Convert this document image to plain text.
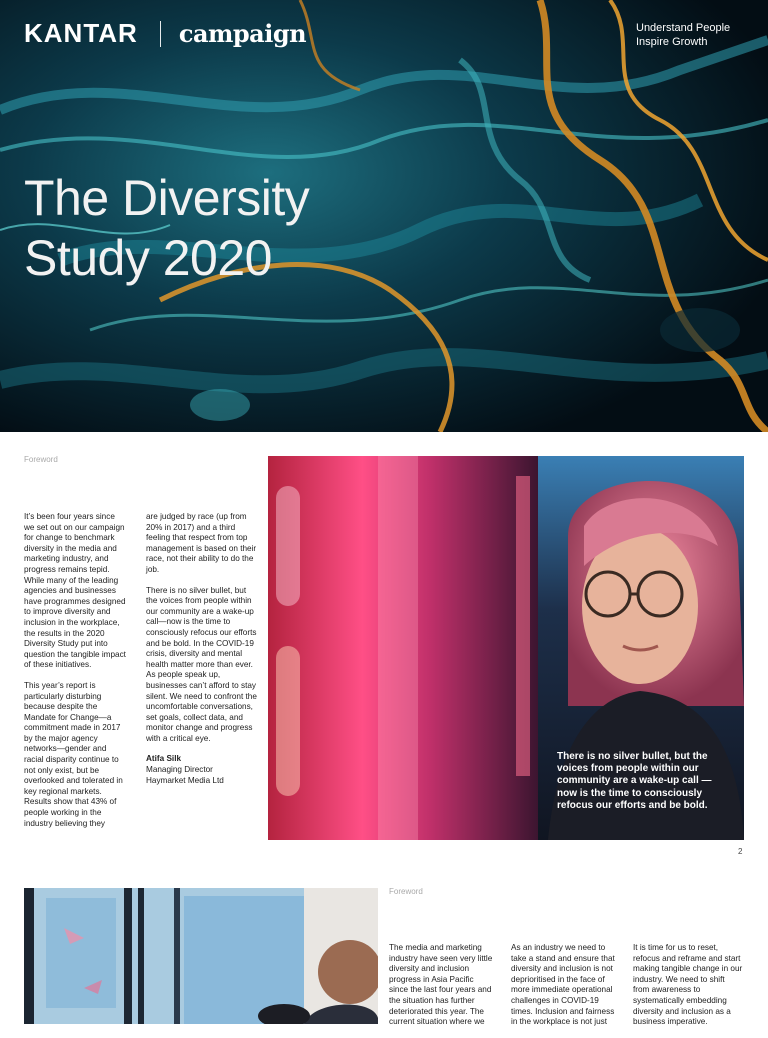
KANTAR campaign	Understand People
Inspire Growth
The Diversity
Study 2020
Foreword

It’s been four years since we set out on our campaign for change to benchmark diversity in the media and marketing industry, and progress remains tepid. While many of the leading agencies and businesses have programmes designed to improve diversity and inclusion in the workplace, the results in the 2020 Diversity Study put into question the tangible impact of these initiatives.

This year’s report is particularly disturbing because despite the Mandate for Change—a commitment made in 2017 by the major agency networks—gender and racial disparity continue to not only exist, but be overlooked and tolerated in key regional markets. Results show that 43% of people working in the industry believing they

are judged by race (up from 20% in 2017) and a third feeling that respect from top management is based on their race, not their ability to do the job.

There is no silver bullet, but the voices from people within our community are a wake-up call—now is the time to consciously refocus our efforts and be bold. In the COVID-19 crisis, diversity and mental health matter more than ever. As people speak up, businesses can’t afford to stay silent. We need to confront the uncomfortable conversations, set goals, collect data, and monitor change and progress with a critical eye.

Atifa Silk
Managing Director
Haymarket Media Ltd
There is no silver bullet, but the voices from people within our community are a wake-up call — now is the time to consciously refocus our efforts and be bold.
2
Foreword

The media and marketing industry have seen very little diversity and inclusion progress in Asia Pacific since the last four years and the situation has further deteriorated this year. The current situation where we

As an industry we need to take a stand and ensure that diversity and inclusion is not deprioritised in the face of more immediate operational challenges in COVID-19 times. Inclusion and fairness in the workplace is not just

It is time for us to reset, refocus and reframe and start making tangible change in our industry. We need to shift from awareness to systematically embedding diversity and inclusion as a business imperative.
